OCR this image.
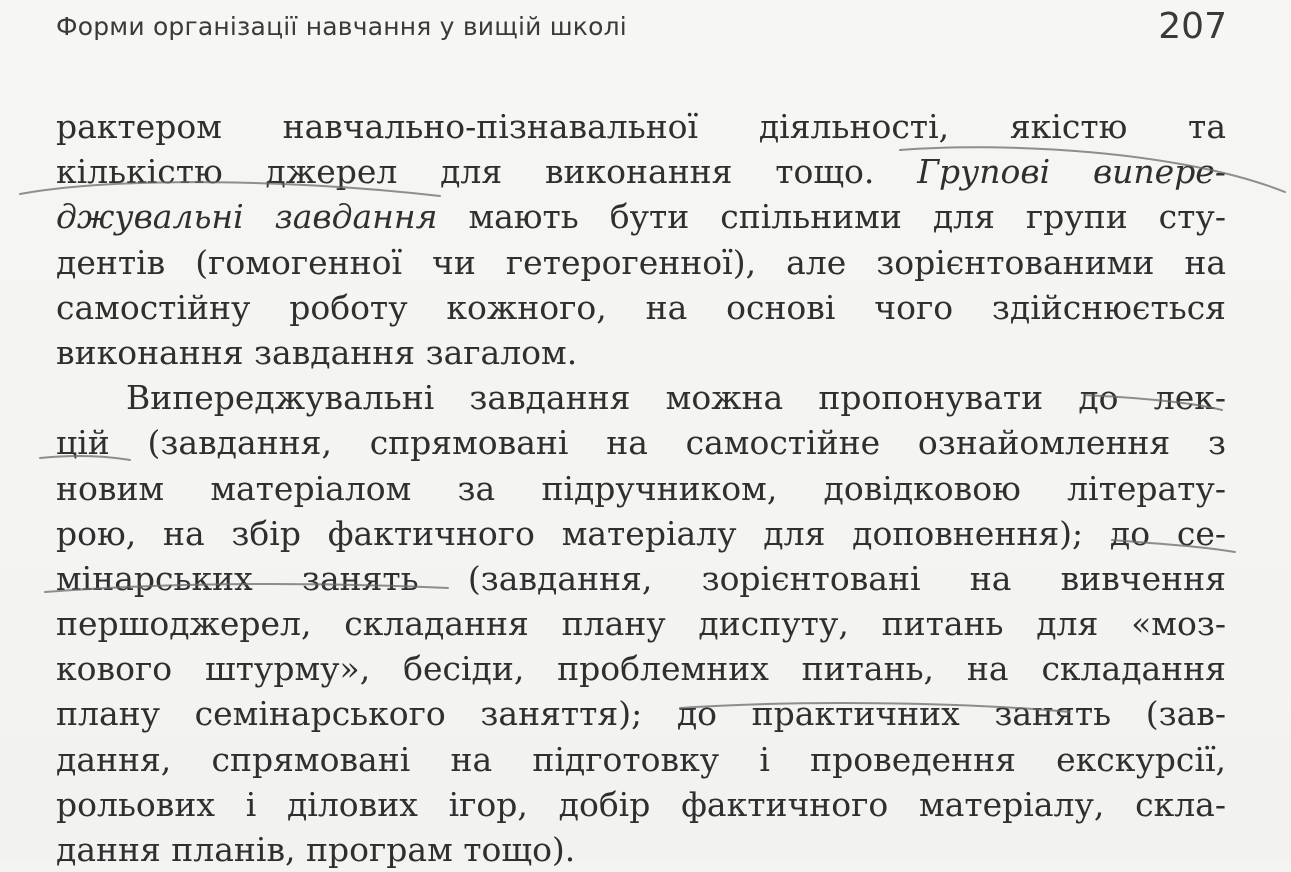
Форми організації навчання у вищій школі	207
рактером навчально-пізнавальної діяльності, якістю та
кількістю джерел для виконання тощо. Групові випере-
джувальні завдання мають бути спільними для групи сту-
дентів (гомогенної чи гетерогенної), але зорієнтованими на
самостійну роботу кожного, на основі чого здійснюється
виконання завдання загалом.
Випереджувальні завдання можна пропонувати до лек-
цій (завдання, спрямовані на самостійне ознайомлення з
новим матеріалом за підручником, довідковою літерату-
рою, на збір фактичного матеріалу для доповнення); до се-
мінарських занять (завдання, зорієнтовані на вивчення
першоджерел, складання плану диспуту, питань для «моз-
кового штурму», бесіди, проблемних питань, на складання
плану семінарського заняття); до практичних занять (зав-
дання, спрямовані на підготовку і проведення екскурсії,
рольових і ділових ігор, добір фактичного матеріалу, скла-
дання планів, програм тощо).
